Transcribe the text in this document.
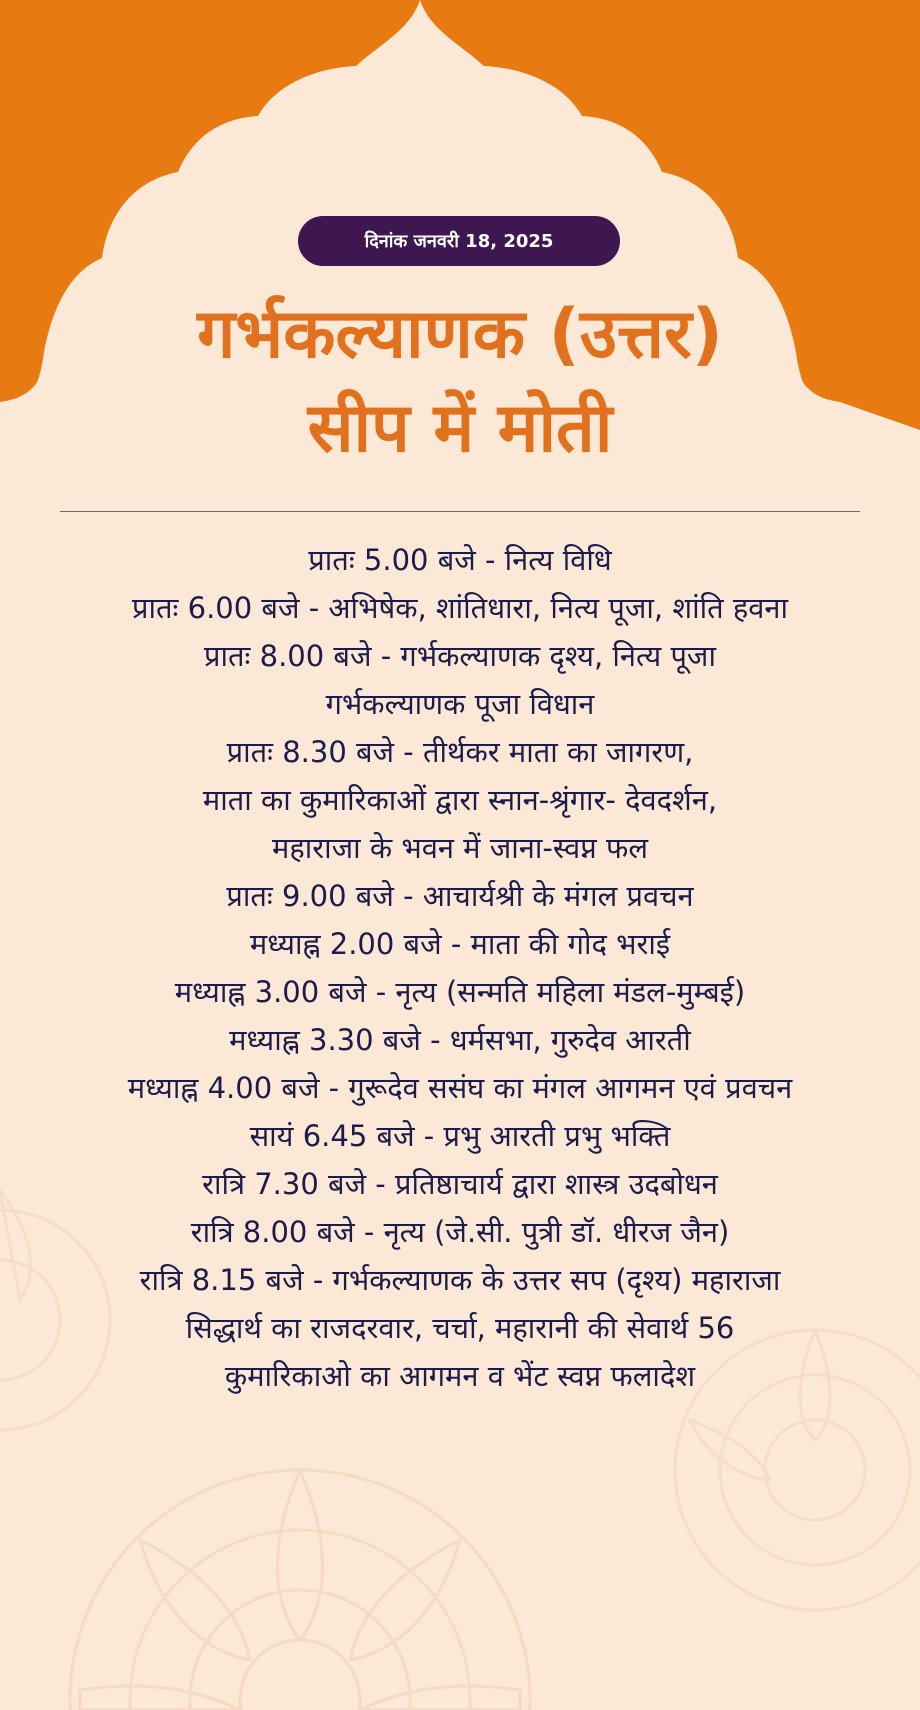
दिनांक जनवरी 18, 2025
गर्भकल्याणक (उत्तर)
सीप में मोती
प्रातः 5.00 बजे - नित्य विधि
प्रातः 6.00 बजे - अभिषेक, शांतिधारा, नित्य पूजा, शांति हवना
प्रातः 8.00 बजे - गर्भकल्याणक दृश्य, नित्य पूजा
गर्भकल्याणक पूजा विधान
प्रातः 8.30 बजे - तीर्थकर माता का जागरण,
माता का कुमारिकाओं द्वारा स्नान-श्रृंगार- देवदर्शन,
महाराजा के भवन में जाना-स्वप्न फल
प्रातः 9.00 बजे - आचार्यश्री के मंगल प्रवचन
मध्याह्न 2.00 बजे - माता की गोद भराई
मध्याह्न 3.00 बजे - नृत्य (सन्मति महिला मंडल-मुम्बई)
मध्याह्न 3.30 बजे - धर्मसभा, गुरुदेव आरती
मध्याह्न 4.00 बजे - गुरूदेव ससंघ का मंगल आगमन एवं प्रवचन
सायं 6.45 बजे - प्रभु आरती प्रभु भक्ति
रात्रि 7.30 बजे - प्रतिष्ठाचार्य द्वारा शास्त्र उदबोधन
रात्रि 8.00 बजे - नृत्य (जे.सी. पुत्री डॉ. धीरज जैन)
रात्रि 8.15 बजे - गर्भकल्याणक के उत्तर सप (दृश्य) महाराजा
सिद्धार्थ का राजदरवार, चर्चा, महारानी की सेवार्थ 56
कुमारिकाओ का आगमन व भेंट स्वप्न फलादेश
